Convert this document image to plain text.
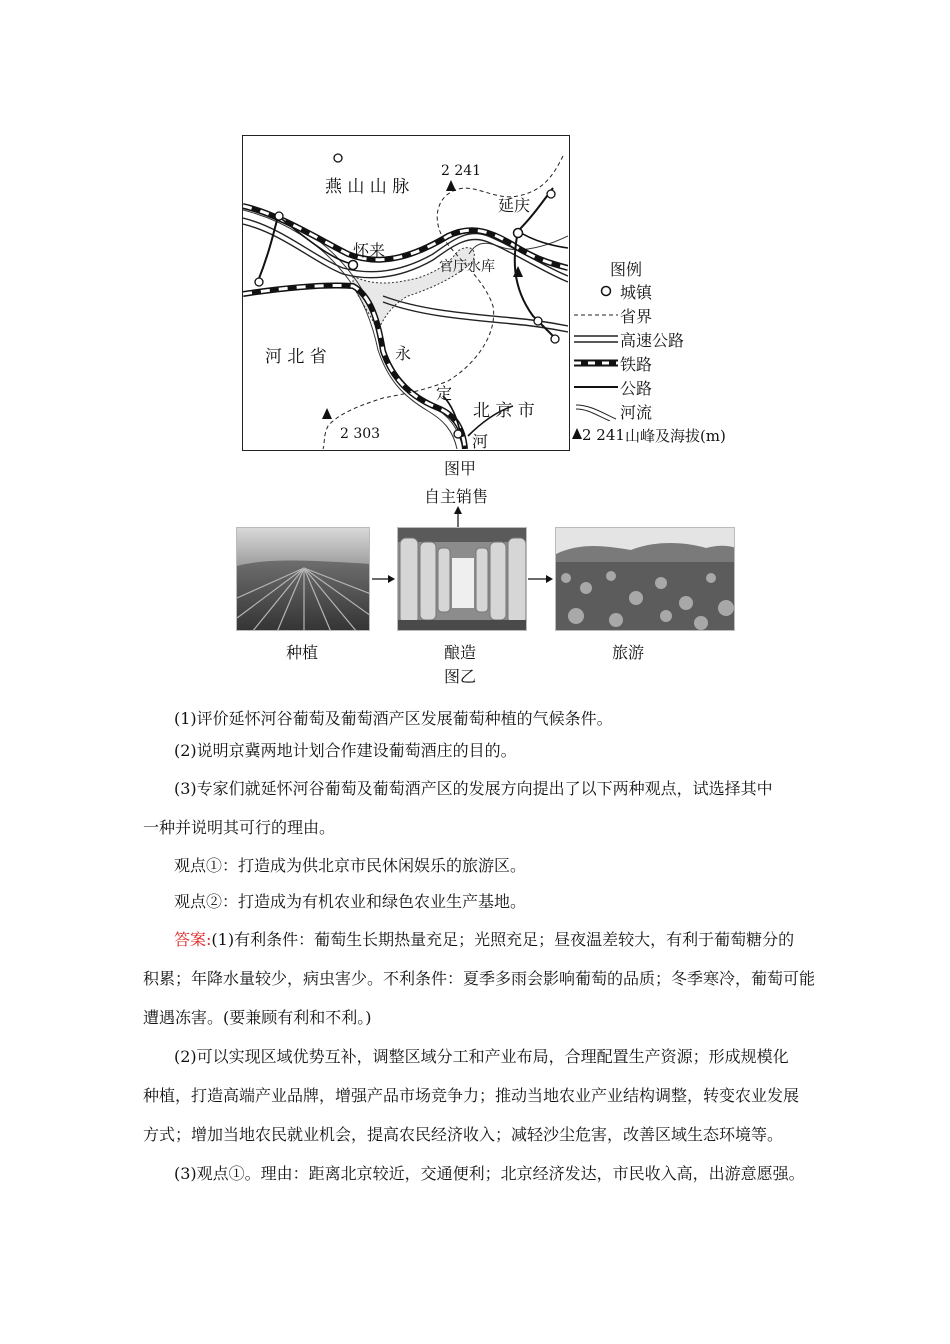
燕 山 山 脉
2 241
延庆
怀来
官厅水库
河 北 省	永
定
河
北 京 市
2 303
图例
城镇
省界
高速公路
铁路
公路
河流
2 241 山峰及海拔(m)
图甲
自主销售
种植	酿造	旅游
图乙
(1)评价延怀河谷葡萄及葡萄酒产区发展葡萄种植的气候条件。
(2)说明京冀两地计划合作建设葡萄酒庄的目的。
(3)专家们就延怀河谷葡萄及葡萄酒产区的发展方向提出了以下两种观点，试选择其中
一种并说明其可行的理由。
观点①：打造成为供北京市民休闲娱乐的旅游区。
观点②：打造成为有机农业和绿色农业生产基地。
答案:(1)有利条件：葡萄生长期热量充足；光照充足；昼夜温差较大，有利于葡萄糖分的
积累；年降水量较少，病虫害少。不利条件：夏季多雨会影响葡萄的品质；冬季寒冷，葡萄可能
遭遇冻害。(要兼顾有利和不利。)
(2)可以实现区域优势互补，调整区域分工和产业布局，合理配置生产资源；形成规模化
种植，打造高端产业品牌，增强产品市场竞争力；推动当地农业产业结构调整，转变农业发展
方式；增加当地农民就业机会，提高农民经济收入；减轻沙尘危害，改善区域生态环境等。
(3)观点①。理由：距离北京较近，交通便利；北京经济发达，市民收入高，出游意愿强。
